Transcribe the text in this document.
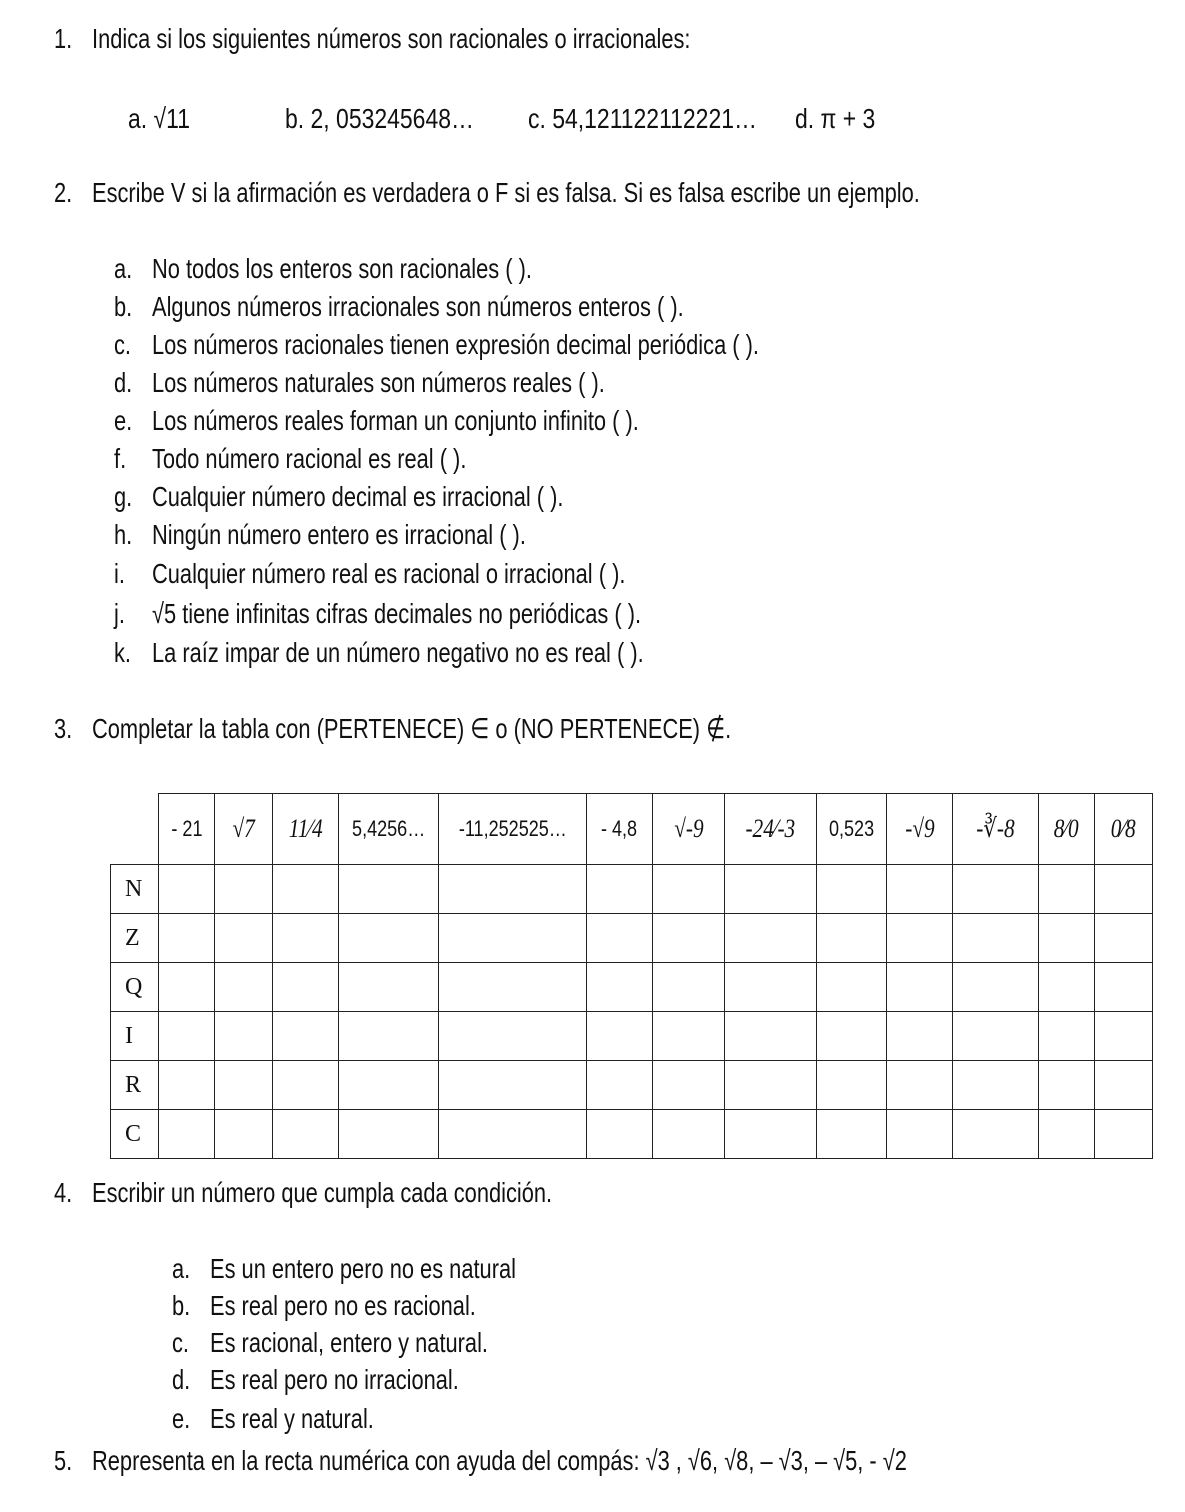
1. Indica si los siguientes números son racionales o irracionales:
a. √11	b. 2, 053245648…	c. 54,121122112221…	d. π + 3
2. Escribe V si la afirmación es verdadera o F si es falsa. Si es falsa escribe un ejemplo.
a. No todos los enteros son racionales ( ).
b. Algunos números irracionales son números enteros ( ).
c. Los números racionales tienen expresión decimal periódica ( ).
d. Los números naturales son números reales ( ).
e. Los números reales forman un conjunto infinito ( ).
f. Todo número racional es real ( ).
g. Cualquier número decimal es irracional ( ).
h. Ningún número entero es irracional ( ).
i. Cualquier número real es racional o irracional ( ).
j. √5 tiene infinitas cifras decimales no periódicas ( ).
k. La raíz impar de un número negativo no es real ( ).
3. Completar la tabla con (PERTENECE) ∈ o (NO PERTENECE) ∉.
	- 21	√7	11⁄4	5,4256…	-11,252525…	- 4,8	√-9	-24⁄-3	0,523	-√9	-∛-8	8⁄0	0⁄8
N													
Z													
Q													
I													
R													
C													
4. Escribir un número que cumpla cada condición.
a. Es un entero pero no es natural
b. Es real pero no es racional.
c. Es racional, entero y natural.
d. Es real pero no irracional.
e. Es real y natural.
5. Representa en la recta numérica con ayuda del compás: √3 , √6, √8, – √3, – √5, - √2
